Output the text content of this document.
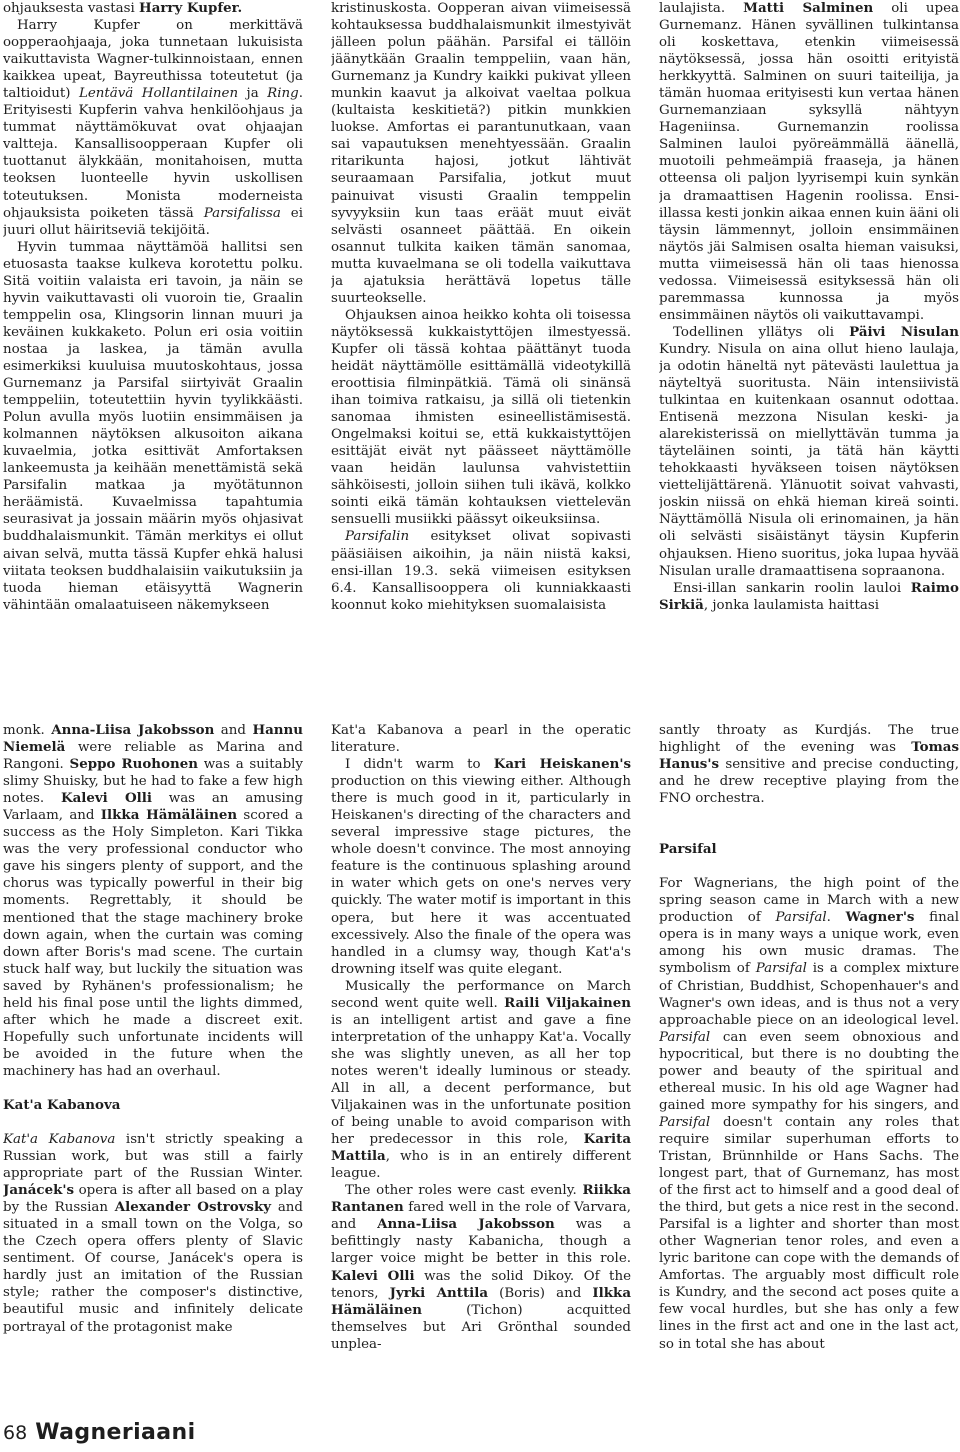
ohjauksesta vastasi Harry Kupfer.

Harry Kupfer on merkittävä oopperaohjaaja, joka tunnetaan lukuisista vaikuttavista Wagner-tulkinnoistaan, ennen kaikkea upeat, Bayreuthissa toteutetut (ja taltioidut) Lentävä Hollantilainen ja Ring. Erityisesti Kupferin vahva henkilöohjaus ja tummat näyttämökuvat ovat ohjaajan valtteja. Kansallisoopperaan Kupfer oli tuottanut älykkään, monitahoisen, mutta teoksen luonteelle hyvin uskollisen toteutuksen. Monista moderneista ohjauksista poiketen tässä Parsifalissa ei juuri ollut häiritseviä tekijöitä.

Hyvin tummaa näyttämöä hallitsi sen etuosasta taakse kulkeva korotettu polku. Sitä voitiin valaista eri tavoin, ja näin se hyvin vaikuttavasti oli vuoroin tie, Graalin temppelin osa, Klingsorin linnan muuri ja keväinen kukkaketo. Polun eri osia voitiin nostaa ja laskea, ja tämän avulla esimerkiksi kuuluisa muutoskohtaus, jossa Gurnemanz ja Parsifal siirtyivät Graalin temppeliin, toteutettiin hyvin tyylikkäästi. Polun avulla myös luotiin ensimmäisen ja kolmannen näytöksen alkusoiton aikana kuvaelmia, jotka esittivät Amfortaksen lankeemusta ja keihään menettämistä sekä Parsifalin matkaa ja myötätunnon heräämistä. Kuvaelmissa tapahtumia seurasivat ja jossain määrin myös ohjasivat buddhalaismunkit. Tämän merkitys ei ollut aivan selvä, mutta tässä Kupfer ehkä halusi viitata teoksen buddhalaisiin vaikutuksiin ja tuoda hieman etäisyyttä Wagnerin vähintään omalaatuiseen näkemykseen

kristinuskosta. Oopperan aivan viimeisessä kohtauksessa buddhalaismunkit ilmestyivät jälleen polun päähän. Parsifal ei tällöin jäänytkään Graalin temppeliin, vaan hän, Gurnemanz ja Kundry kaikki pukivat ylleen munkin kaavut ja alkoivat vaeltaa polkua (kultaista keskitietä?) pitkin munkkien luokse. Amfortas ei parantunutkaan, vaan sai vapautuksen menehtyessään. Graalin ritarikunta hajosi, jotkut lähtivät seuraamaan Parsifalia, jotkut muut painuivat visusti Graalin temppelin syvyyksiin kun taas eräät muut eivät selvästi osanneet päättää. En oikein osannut tulkita kaiken tämän sanomaa, mutta kuvaelmana se oli todella vaikuttava ja ajatuksia herättävä lopetus tälle suurteokselle.

Ohjauksen ainoa heikko kohta oli toisessa näytöksessä kukkaistyttöjen ilmestyessä. Kupfer oli tässä kohtaa päättänyt tuoda heidät näyttämölle esittämällä videotykillä eroottisia filminpätkiä. Tämä oli sinänsä ihan toimiva ratkaisu, ja sillä oli tietenkin sanomaa ihmisten esineellistämisestä. Ongelmaksi koitui se, että kukkaistyttöjen esittäjät eivät nyt päässeet näyttämölle vaan heidän laulunsa vahvistettiin sähköisesti, jolloin siihen tuli ikävä, kolkko sointi eikä tämän kohtauksen viettelevän sensuelli musiikki päässyt oikeuksiinsa.

Parsifalin esitykset olivat sopivasti pääsiäisen aikoihin, ja näin niistä kaksi, ensi-illan 19.3. sekä viimeisen esityksen 6.4. Kansallisooppera oli kunniakkaasti koonnut koko miehityksen suomalaisista

laulajista. Matti Salminen oli upea Gurnemanz. Hänen syvällinen tulkintansa oli koskettava, etenkin viimeisessä näytöksessä, jossa hän osoitti erityistä herkkyyttä. Salminen on suuri taiteilija, ja tämän huomaa erityisesti kun vertaa hänen Gurnemanziaan syksyllä nähtyyn Hageniinsa. Gurnemanzin roolissa Salminen lauloi pyöreämmällä äänellä, muotoili pehmeämpiä fraaseja, ja hänen otteensa oli paljon lyyrisempi kuin synkän ja dramaattisen Hagenin roolissa. Ensi-illassa kesti jonkin aikaa ennen kuin ääni oli täysin lämmennyt, jolloin ensimmäinen näytös jäi Salmisen osalta hieman vaisuksi, mutta viimeisessä hän oli taas hienossa vedossa. Viimeisessä esityksessä hän oli paremmassa kunnossa ja myös ensimmäinen näytös oli vaikuttavampi.

Todellinen yllätys oli Päivi Nisulan Kundry. Nisula on aina ollut hieno laulaja, ja odotin häneltä nyt pätevästi laulettua ja näyteltyä suoritusta. Näin intensiivistä tulkintaa en kuitenkaan osannut odottaa. Entisenä mezzona Nisulan keski- ja alarekisterissä on miellyttävän tumma ja täyteläinen sointi, ja tätä hän käytti tehokkaasti hyväkseen toisen näytöksen viettelijättärenä. Ylänuotit soivat vahvasti, joskin niissä on ehkä hieman kireä sointi. Näyttämöllä Nisula oli erinomainen, ja hän oli selvästi sisäistänyt täysin Kupferin ohjauksen. Hieno suoritus, joka lupaa hyvää Nisulan uralle dramaattisena sopraanona.

Ensi-illan sankarin roolin lauloi Raimo Sirkiä, jonka laulamista haittasi

monk. Anna-Liisa Jakobsson and Hannu Niemelä were reliable as Marina and Rangoni. Seppo Ruohonen was a suitably slimy Shuisky, but he had to fake a few high notes. Kalevi Olli was an amusing Varlaam, and Ilkka Hämäläinen scored a success as the Holy Simpleton. Kari Tikka was the very professional conductor who gave his singers plenty of support, and the chorus was typically powerful in their big moments. Regrettably, it should be mentioned that the stage machinery broke down again, when the curtain was coming down after Boris's mad scene. The curtain stuck half way, but luckily the situation was saved by Ryhänen's professionalism; he held his final pose until the lights dimmed, after which he made a discreet exit. Hopefully such unfortunate incidents will be avoided in the future when the machinery has had an overhaul.

Kat'a Kabanova

Kat'a Kabanova isn't strictly speaking a Russian work, but was still a fairly appropriate part of the Russian Winter. Janácek's opera is after all based on a play by the Russian Alexander Ostrovsky and situated in a small town on the Volga, so the Czech opera offers plenty of Slavic sentiment. Of course, Janácek's opera is hardly just an imitation of the Russian style; rather the composer's distinctive, beautiful music and infinitely delicate portrayal of the protagonist make

Kat'a Kabanova a pearl in the operatic literature.

I didn't warm to Kari Heiskanen's production on this viewing either. Although there is much good in it, particularly in Heiskanen's directing of the characters and several impressive stage pictures, the whole doesn't convince. The most annoying feature is the continuous splashing around in water which gets on one's nerves very quickly. The water motif is important in this opera, but here it was accentuated excessively. Also the finale of the opera was handled in a clumsy way, though Kat'a's drowning itself was quite elegant.

Musically the performance on March second went quite well. Raili Viljakainen is an intelligent artist and gave a fine interpretation of the unhappy Kat'a. Vocally she was slightly uneven, as all her top notes weren't ideally luminous or steady. All in all, a decent performance, but Viljakainen was in the unfortunate position of being unable to avoid comparison with her predecessor in this role, Karita Mattila, who is in an entirely different league.

The other roles were cast evenly. Riikka Rantanen fared well in the role of Varvara, and Anna-Liisa Jakobsson was a befittingly nasty Kabanicha, though a larger voice might be better in this role. Kalevi Olli was the solid Dikoy. Of the tenors, Jyrki Anttila (Boris) and Ilkka Hämäläinen (Tichon) acquitted themselves but Ari Grönthal sounded unplea-

santly throaty as Kurdjás. The true highlight of the evening was Tomas Hanus's sensitive and precise conducting, and he drew receptive playing from the FNO orchestra.

Parsifal

For Wagnerians, the high point of the spring season came in March with a new production of Parsifal. Wagner's final opera is in many ways a unique work, even among his own music dramas. The symbolism of Parsifal is a complex mixture of Christian, Buddhist, Schopenhauer's and Wagner's own ideas, and is thus not a very approachable piece on an ideological level. Parsifal can even seem obnoxious and hypocritical, but there is no doubting the power and beauty of the spiritual and ethereal music. In his old age Wagner had gained more sympathy for his singers, and Parsifal doesn't contain any roles that require similar superhuman efforts to Tristan, Brünnhilde or Hans Sachs. The longest part, that of Gurnemanz, has most of the first act to himself and a good deal of the third, but gets a nice rest in the second. Parsifal is a lighter and shorter than most other Wagnerian tenor roles, and even a lyric baritone can cope with the demands of Amfortas. The arguably most difficult role is Kundry, and the second act poses quite a few vocal hurdles, but she has only a few lines in the first act and one in the last act, so in total she has about

68 Wagneriaani
